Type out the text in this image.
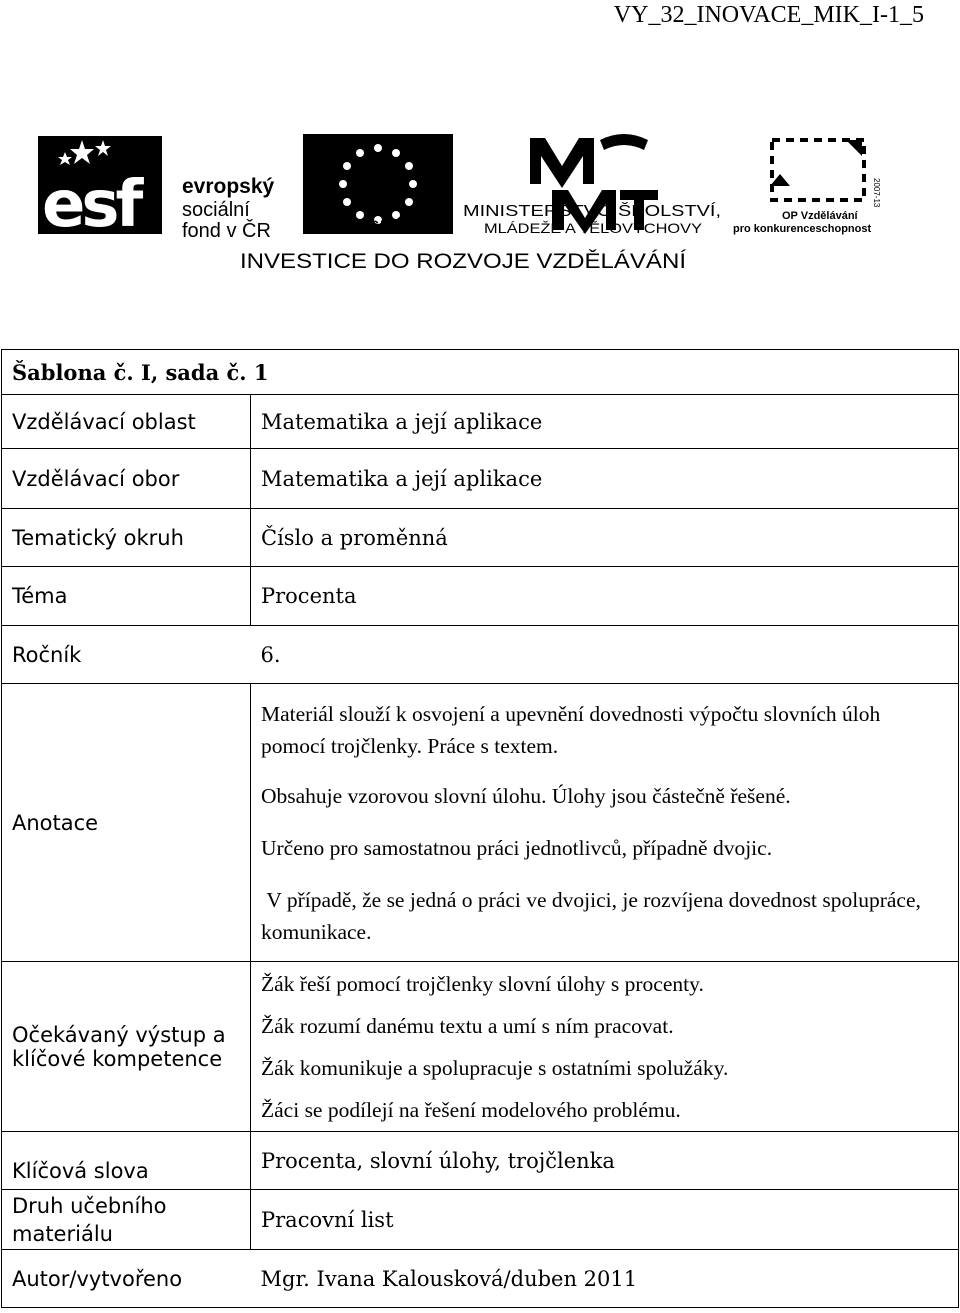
VY_32_INOVACE_MIK_I-1_5
esf evropský
sociální
fond v ČR EVROPSKÁ UNIE
MINISTERSTVO ŠKOLSTVÍ,
MLÁDEŽE A TĚLOVÝCHOVY
2007-13
OP Vzdělávání
pro konkurenceschopnost
INVESTICE DO ROZVOJE VZDĚLÁVÁNÍ
Šablona č. I, sada č. 1	
Vzdělávací oblast	Matematika a její aplikace
Vzdělávací obor	Matematika a její aplikace
Tematický okruh	Číslo a proměnná
Téma	Procenta
Ročník	6.
Anotace	Materiál slouží k osvojení a upevnění dovednosti výpočtu slovních úloh pomocí trojčlenky. Práce s textem.

Obsahuje vzorovou slovní úlohu. Úlohy jsou částečně řešené.

Určeno pro samostatnou práci jednotlivců, případně dvojic.

V případě, že se jedná o práci ve dvojici, je rozvíjena dovednost spolupráce, komunikace.

Očekávaný výstup a klíčové kompetence	Žák řeší pomocí trojčlenky slovní úlohy s procenty.

Žák rozumí danému textu a umí s ním pracovat.

Žák komunikuje a spolupracuje s ostatními spolužáky.

Žáci se podílejí na řešení modelového problému.

Klíčová slova	Procenta, slovní úlohy, trojčlenka
Druh učebního materiálu	Pracovní list
Autor/vytvořeno	Mgr. Ivana Kalousková/duben 2011
